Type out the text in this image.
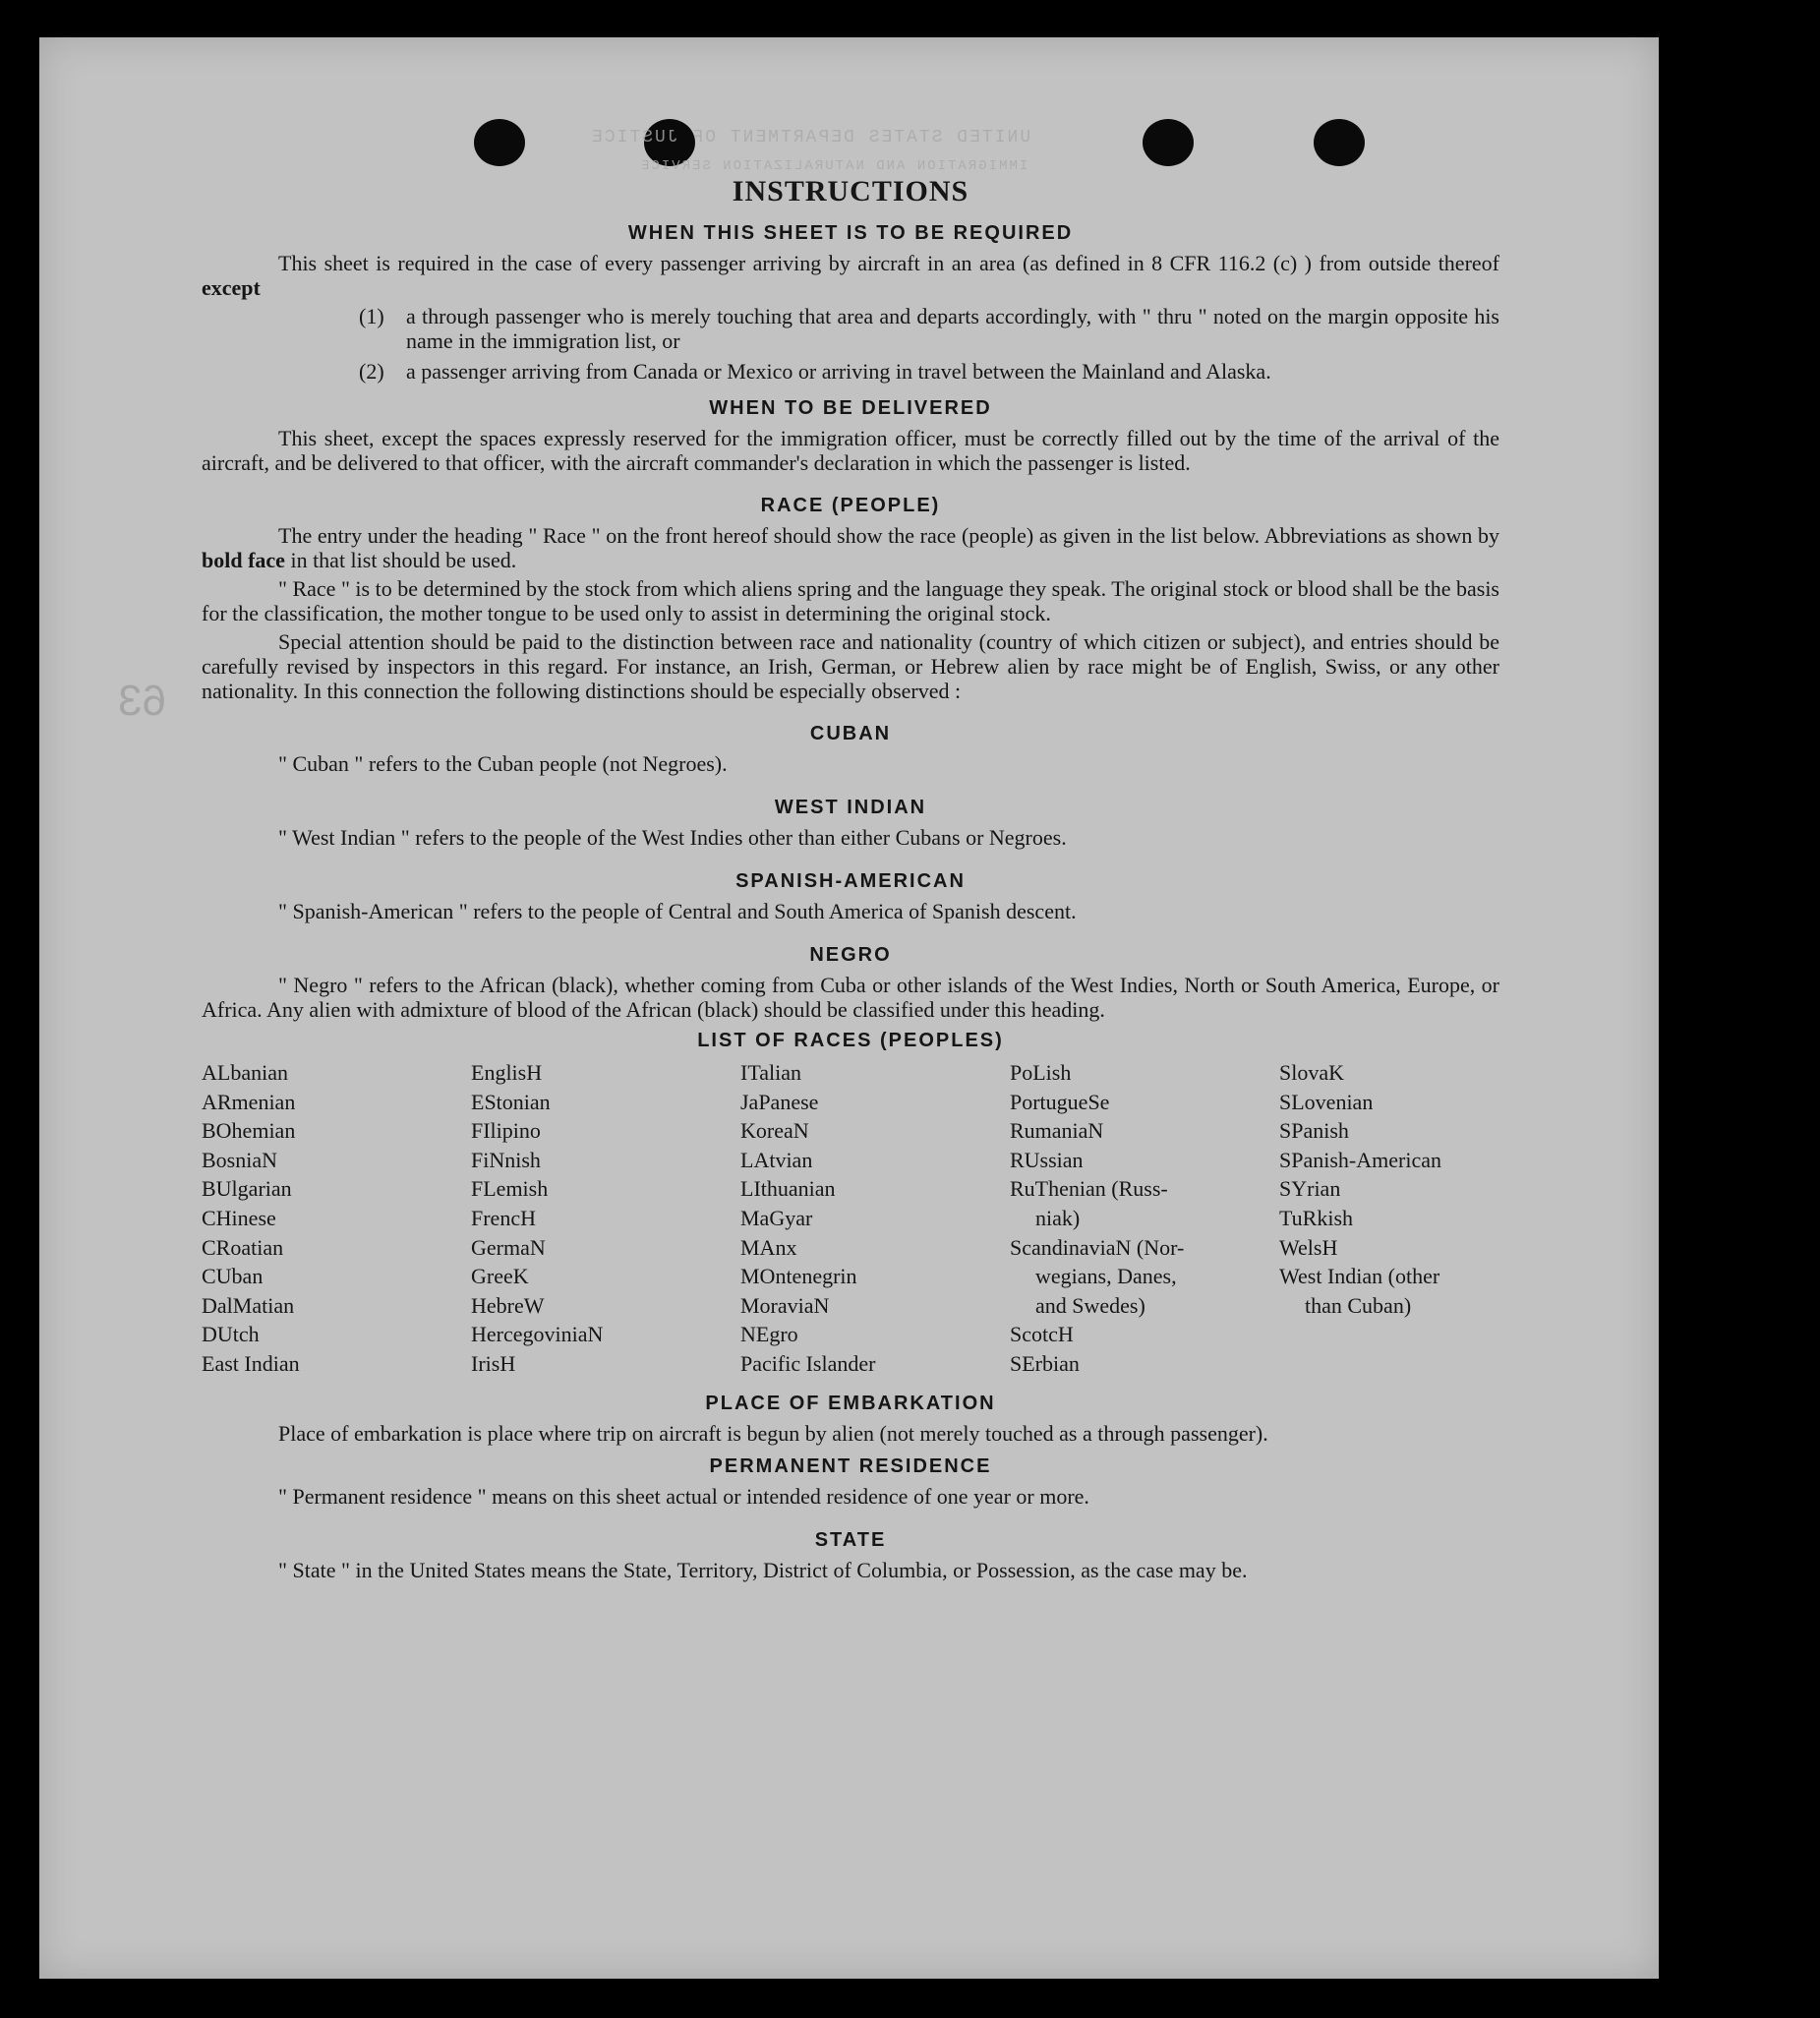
UNITED STATES DEPARTMENT OF JUSTICE
IMMIGRATION AND NATURALIZATION SERVICE
63
INSTRUCTIONS
WHEN THIS SHEET IS TO BE REQUIRED

This sheet is required in the case of every passenger arriving by aircraft in an area (as defined in 8 CFR 116.2 (c) ) from outside thereof except

(1)	a through passenger who is merely touching that area and departs accordingly, with " thru " noted on the margin opposite his name in the immigration list, or
(2)	a passenger arriving from Canada or Mexico or arriving in travel between the Mainland and Alaska.
WHEN TO BE DELIVERED

This sheet, except the spaces expressly reserved for the immigration officer, must be correctly filled out by the time of the arrival of the aircraft, and be delivered to that officer, with the aircraft commander's declaration in which the passenger is listed.

RACE (PEOPLE)

The entry under the heading " Race " on the front hereof should show the race (people) as given in the list below. Abbreviations as shown by bold face in that list should be used.

" Race " is to be determined by the stock from which aliens spring and the language they speak. The original stock or blood shall be the basis for the classification, the mother tongue to be used only to assist in determining the original stock.

Special attention should be paid to the distinction between race and nationality (country of which citizen or subject), and entries should be carefully revised by inspectors in this regard. For instance, an Irish, German, or Hebrew alien by race might be of English, Swiss, or any other nationality. In this connection the following distinctions should be especially observed :

CUBAN
" Cuban " refers to the Cuban people (not Negroes).
WEST INDIAN
" West Indian " refers to the people of the West Indies other than either Cubans or Negroes.
SPANISH-AMERICAN
" Spanish-American " refers to the people of Central and South America of Spanish descent.
NEGRO

" Negro " refers to the African (black), whether coming from Cuba or other islands of the West Indies, North or South America, Europe, or Africa. Any alien with admixture of blood of the African (black) should be classified under this heading.

LIST OF RACES (PEOPLES)
ALbanian
ARmenian
BOhemian
BosniaN
BUlgarian
CHinese
CRoatian
CUban
DalMatian
DUtch
East Indian
EnglisH
EStonian
FIlipino
FiNnish
FLemish
FrencH
GermaN
GreeK
HebreW
HercegoviniaN
IrisH
ITalian
JaPanese
KoreaN
LAtvian
LIthuanian
MaGyar
MAnx
MOntenegrin
MoraviaN
NEgro
Pacific Islander
PoLish
PortugueSe
RumaniaN
RUssian
RuThenian (Russ-
niak)
ScandinaviaN (Nor-
wegians, Danes,
and Swedes)
ScotcH
SErbian
SlovaK
SLovenian
SPanish
SPanish-American
SYrian
TuRkish
WelsH
West Indian (other
than Cuban)
PLACE OF EMBARKATION

Place of embarkation is place where trip on aircraft is begun by alien (not merely touched as a through passenger).

PERMANENT RESIDENCE
" Permanent residence " means on this sheet actual or intended residence of one year or more.
STATE

" State " in the United States means the State, Territory, District of Columbia, or Possession, as the case may be.
